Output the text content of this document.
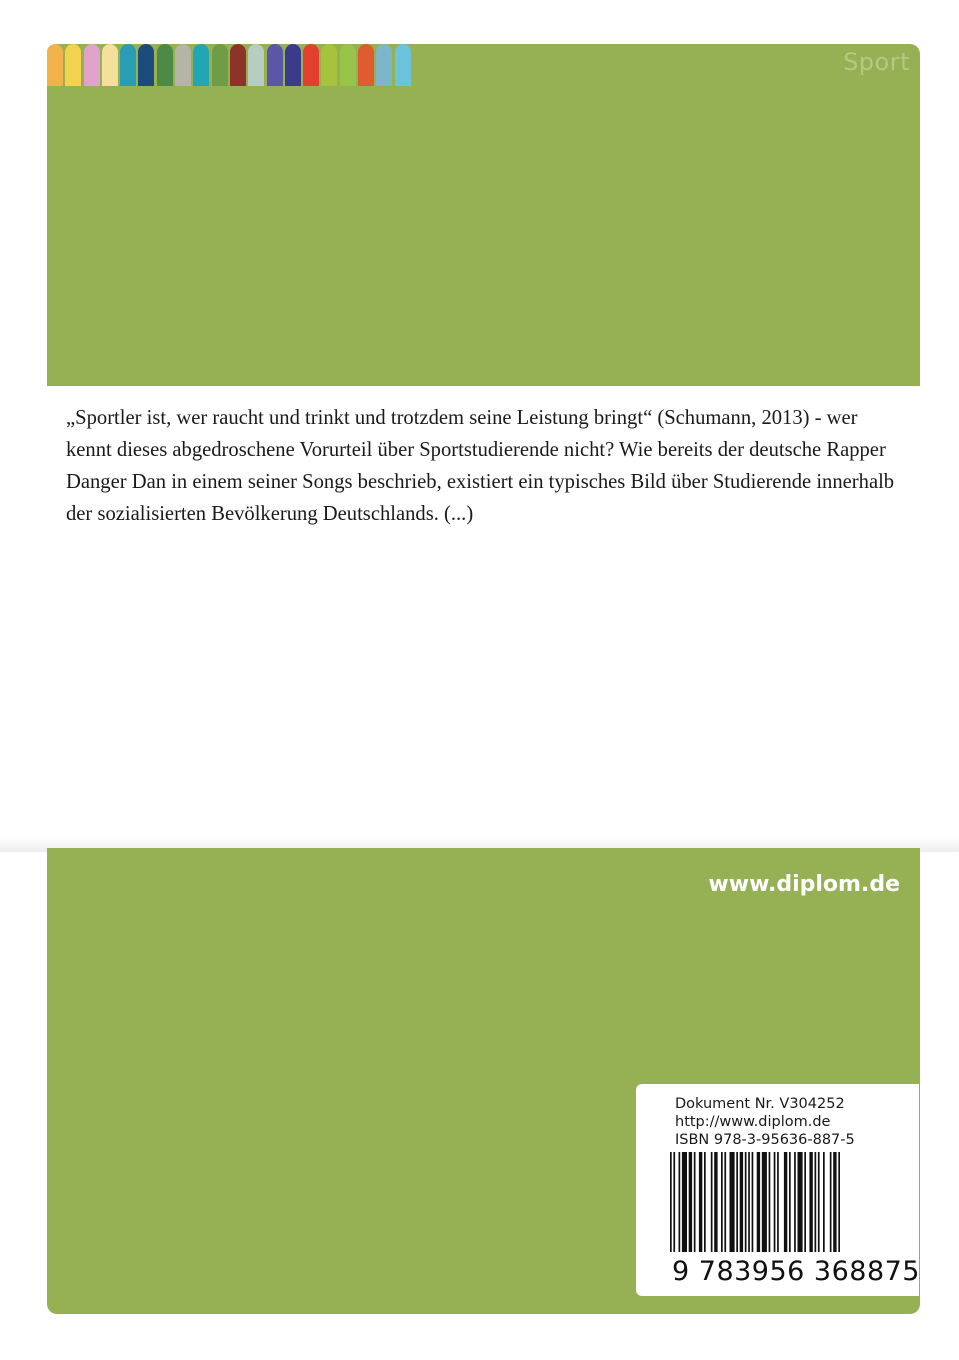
Sport

„Sportler ist, wer raucht und trinkt und trotzdem seine Leistung bringt“ (Schumann, 2013) - wer kennt dieses abgedroschene Vorurteil über Sportstudierende nicht? Wie bereits der deutsche Rapper Danger Dan in einem seiner Songs beschrieb, existiert ein typisches Bild über Studierende innerhalb der sozialisierten Bevölkerung Deutschlands. (...)

www.diplom.de
Dokument Nr. V304252
http://www.diplom.de
ISBN 978-3-95636-887-5
9 783956 368875
